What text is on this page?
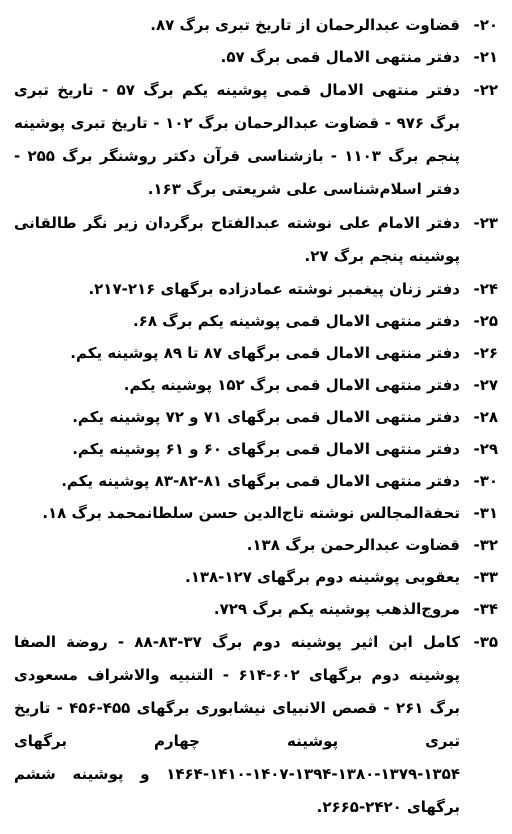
۲۰-
قضاوت عبدالرحمان از تاریخ تبری برگ ۸۷.
۲۱-
دفتر منتهی الامال قمی برگ ۵۷.
۲۲-
دفتر منتهی الامال قمی پوشینه یکم برگ ۵۷ - تاریخ تبری برگ ۹۷۶ - قضاوت عبدالرحمان برگ ۱۰۲ - تاریخ تبری پوشینه پنجم برگ ۱۱۰۳ - بازشناسی قرآن دکتر روشنگر برگ ۲۵۵ - دفتر اسلام‌شناسی علی شریعتی برگ ۱۶۳.
۲۳-
دفتر الامام علی نوشته عبدالفتاح برگردان زیر نگر طالقانی پوشینه پنجم برگ ۲۷.
۲۴-
دفتر زنان پیغمبر نوشته عمادزاده برگهای ۲۱۶-۲۱۷.
۲۵-
دفتر منتهی الامال قمی پوشینه یکم برگ ۶۸.
۲۶-
دفتر منتهی الامال قمی برگهای ۸۷ تا ۸۹ پوشینه یکم.
۲۷-
دفتر منتهی الامال قمی برگ ۱۵۲ پوشینه یکم.
۲۸-
دفتر منتهی الامال قمی برگهای ۷۱ و ۷۲ پوشینه یکم.
۲۹-
دفتر منتهی الامال قمی برگهای ۶۰ و ۶۱ پوشینه یکم.
۳۰-
دفتر منتهی الامال قمی برگهای ۸۱-۸۲-۸۳ پوشینه یکم.
۳۱-
تحفة‌المجالس نوشته تاج‌الدین حسن سلطانمحمد برگ ۱۸.
۳۲-
قضاوت عبدالرحمن برگ ۱۳۸.
۳۳-
یعقوبی پوشینه دوم برگهای ۱۲۷-۱۳۸.
۳۴-
مروج‌الذهب پوشینه یکم برگ ۷۲۹.
۳۵-
کامل ابن اثیر پوشینه دوم برگ ۳۷-۸۳-۸۸ - روضة الصفا پوشینه دوم برگهای ۶۰۲-۶۱۴ - التنبیه والاشراف مسعودی برگ ۲۶۱ - قصص الانبیای نیشابوری برگهای ۴۵۵-۴۵۶ - تاریخ تبری پوشینه چهارم برگهای ۱۳۵۴-۱۳۷۹-۱۳۸۰-۱۳۹۴-۱۴۰۷-۱۴۱۰-۱۴۶۴ و پوشینه ششم برگهای ۲۴۲۰-۲۶۶۵.
